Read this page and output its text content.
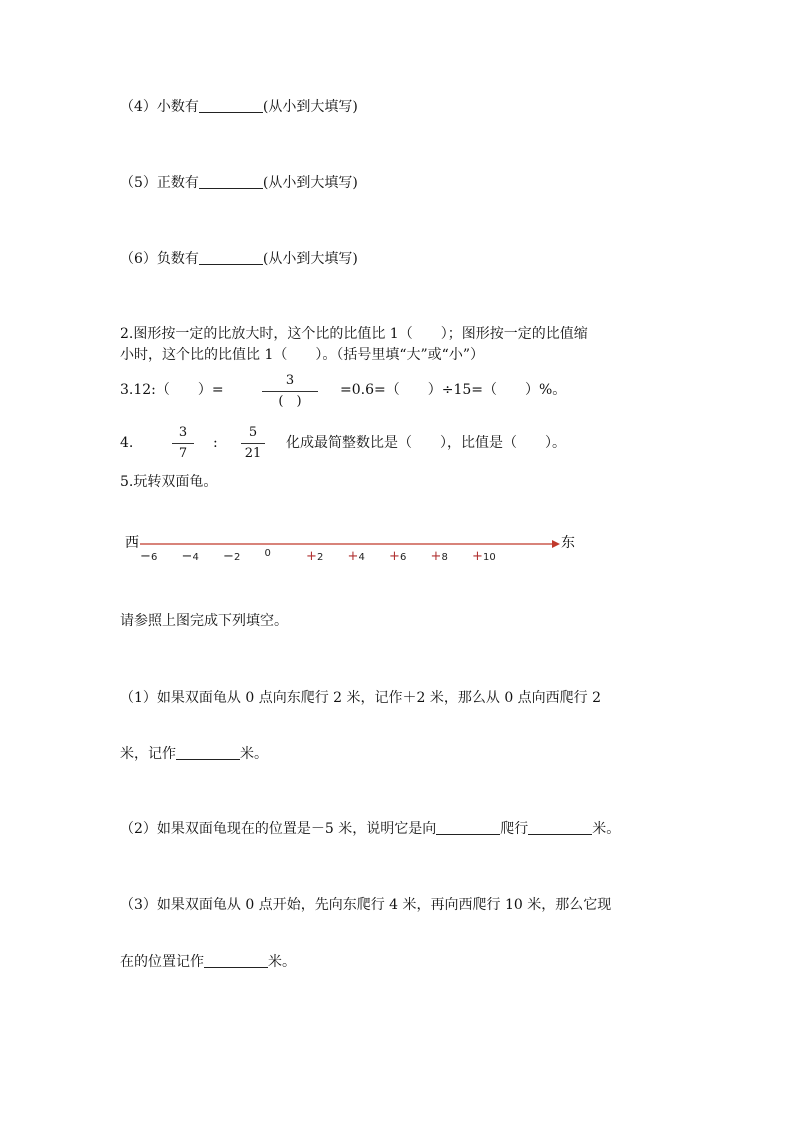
（4）小数有	(从小到大填写)
（5）正数有	(从小到大填写)
（6）负数有	(从小到大填写)
2.图形按一定的比放大时，这个比的比值比 1（　　）；图形按一定的比值缩
小时，这个比的比值比 1（　　）。（括号里填“大”或“小”）
3.12:（　　）=
3
(　)
=0.6=（　　）÷15=（　　）%。
4.
3
7
:
5
21
化成最简整数比是（　　），比值是（　　）。
5.玩转双面龟。
西	东
− 6 − 4 − 2 0	+ 2 + 4 + 6 + 8 + 10
请参照上图完成下列填空。
（1）如果双面龟从 0 点向东爬行 2 米，记作＋2 米，那么从 0 点向西爬行 2
米，记作	米。
（2）如果双面龟现在的位置是－5 米，说明它是向	爬行	米。
（3）如果双面龟从 0 点开始，先向东爬行 4 米，再向西爬行 10 米，那么它现
在的位置记作	米。
